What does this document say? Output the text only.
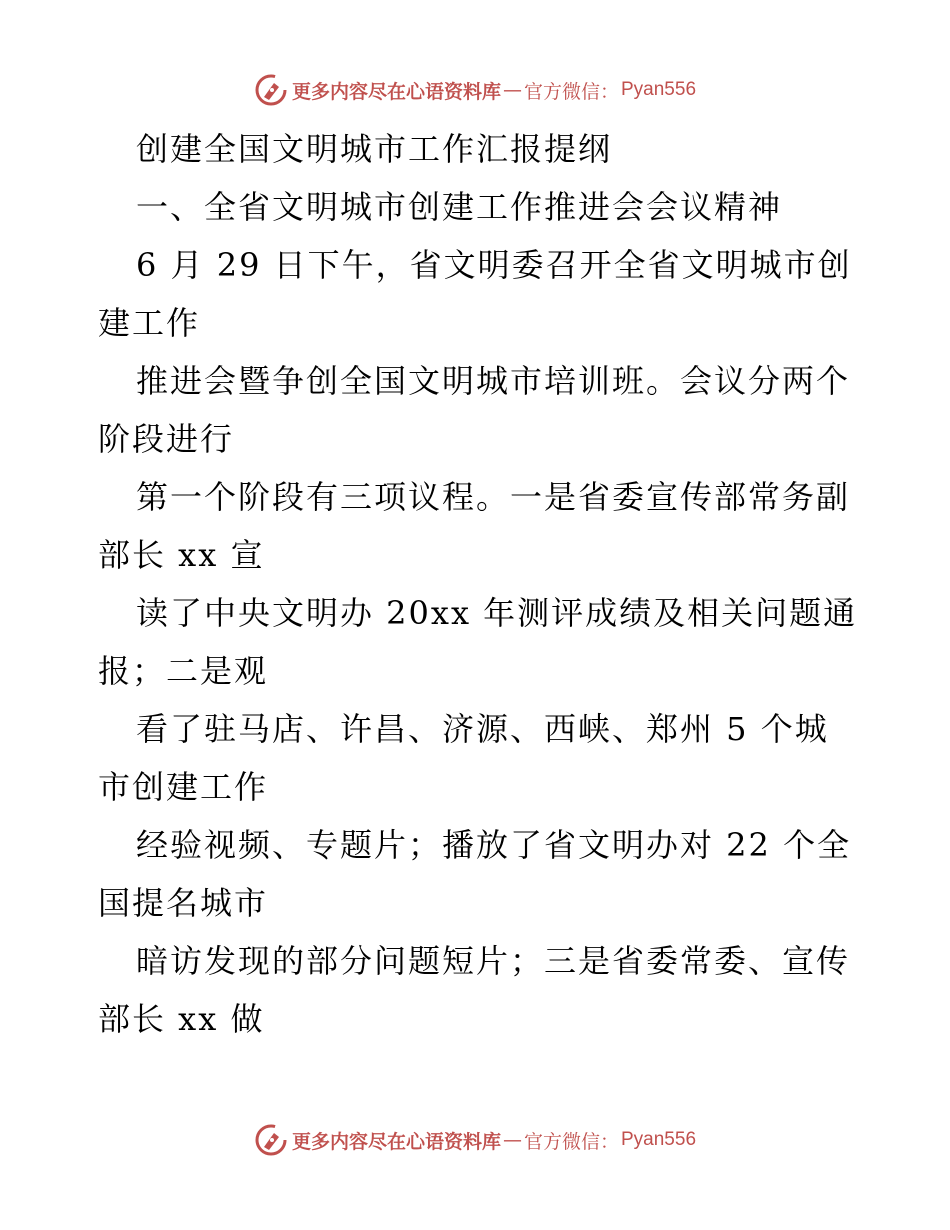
更多内容尽在心语资料库 — 官方微信： Pyan556
创建全国文明城市工作汇报提纲
一、全省文明城市创建工作推进会会议精神
6 月 29 日下午，省文明委召开全省文明城市创
建工作
推进会暨争创全国文明城市培训班。会议分两个
阶段进行
第一个阶段有三项议程。一是省委宣传部常务副
部长 xx 宣
读了中央文明办 20xx 年测评成绩及相关问题通
报；二是观
看了驻马店、许昌、济源、西峡、郑州 5 个城
市创建工作
经验视频、专题片；播放了省文明办对 22 个全
国提名城市
暗访发现的部分问题短片；三是省委常委、宣传
部长 xx 做
更多内容尽在心语资料库 — 官方微信： Pyan556
